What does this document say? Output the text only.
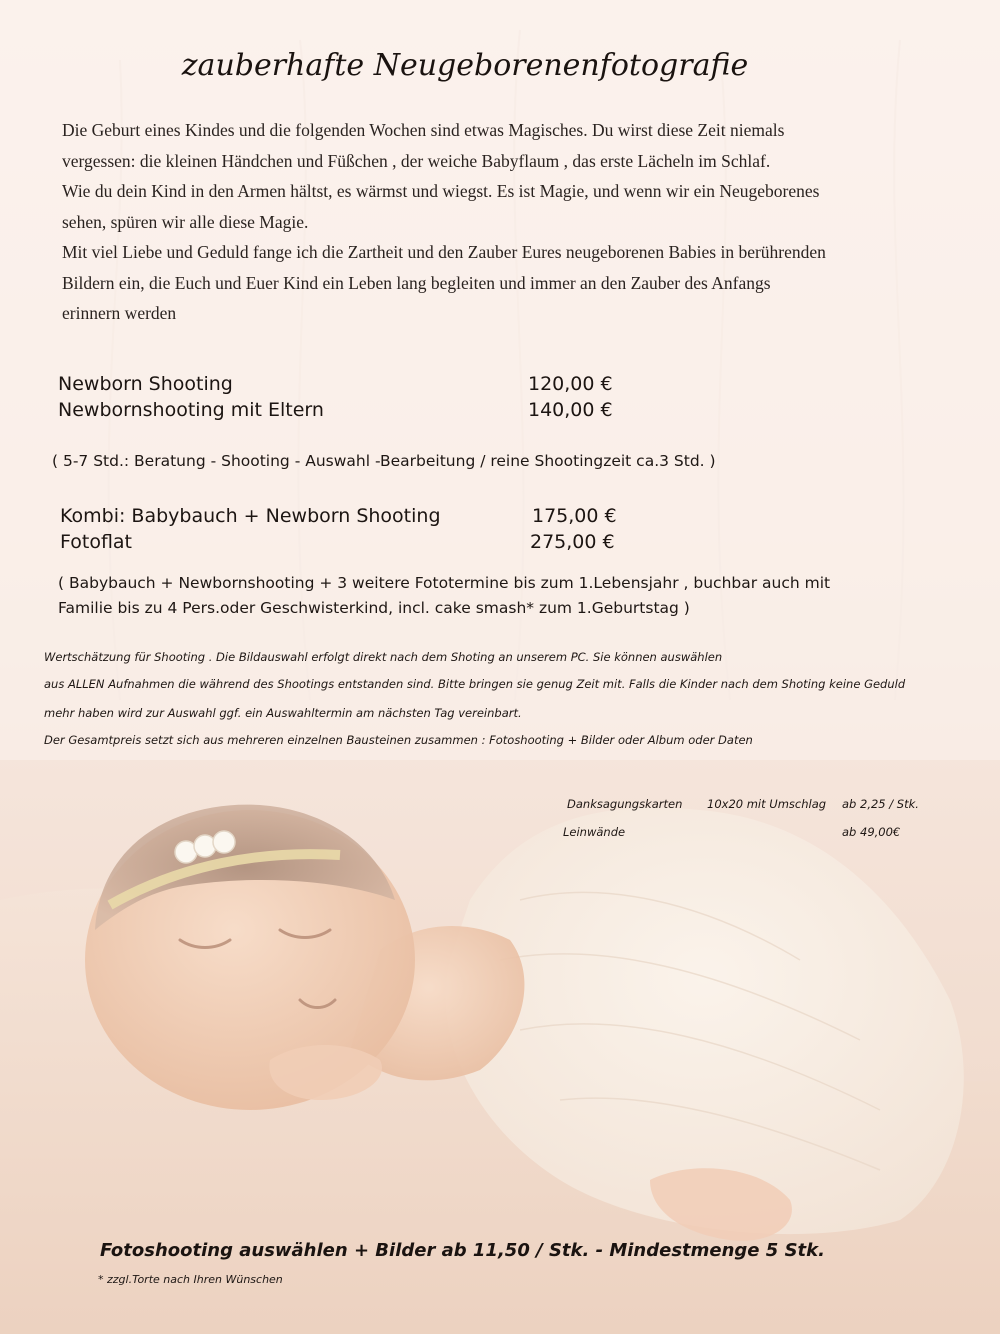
zauberhafte Neugeborenenfotografie

Die Geburt eines Kindes und die folgenden Wochen sind etwas Magisches. Du wirst diese Zeit niemals

vergessen: die kleinen Händchen und Füßchen , der weiche Babyflaum , das erste Lächeln im Schlaf.

Wie du dein Kind in den Armen hältst, es wärmst und wiegst. Es ist Magie, und wenn wir ein Neugeborenes

sehen, spüren wir alle diese Magie.

Mit viel Liebe und Geduld fange ich die Zartheit und den Zauber Eures neugeborenen Babies in berührenden

Bildern ein, die Euch und Euer Kind ein Leben lang begleiten und immer an den Zauber des Anfangs

erinnern werden

Newborn Shooting	120,00 €
Newbornshooting mit Eltern	140,00 €
( 5-7 Std.: Beratung - Shooting - Auswahl -Bearbeitung / reine Shootingzeit ca.3 Std. )
Kombi: Babybauch + Newborn Shooting	175,00 €
Fotoflat	275,00 €
( Babybauch + Newbornshooting + 3 weitere Fototermine bis zum 1.Lebensjahr , buchbar auch mit
Familie bis zu 4 Pers.oder Geschwisterkind, incl. cake smash* zum 1.Geburtstag )
Wertschätzung für Shooting . Die Bildauswahl erfolgt direkt nach dem Shoting an unserem PC. Sie können auswählen
aus ALLEN Aufnahmen die während des Shootings entstanden sind. Bitte bringen sie genug Zeit mit. Falls die Kinder nach dem Shoting keine Geduld
mehr haben wird zur Auswahl ggf. ein Auswahltermin am nächsten Tag vereinbart.
Der Gesamtpreis setzt sich aus mehreren einzelnen Bausteinen zusammen : Fotoshooting + Bilder oder Album oder Daten
Danksagungskarten 10x20 mit Umschlag ab 2,25 / Stk.
Leinwände	ab 49,00€
Fotoshooting auswählen + Bilder ab 11,50 / Stk. - Mindestmenge 5 Stk.
* zzgl.Torte nach Ihren Wünschen
